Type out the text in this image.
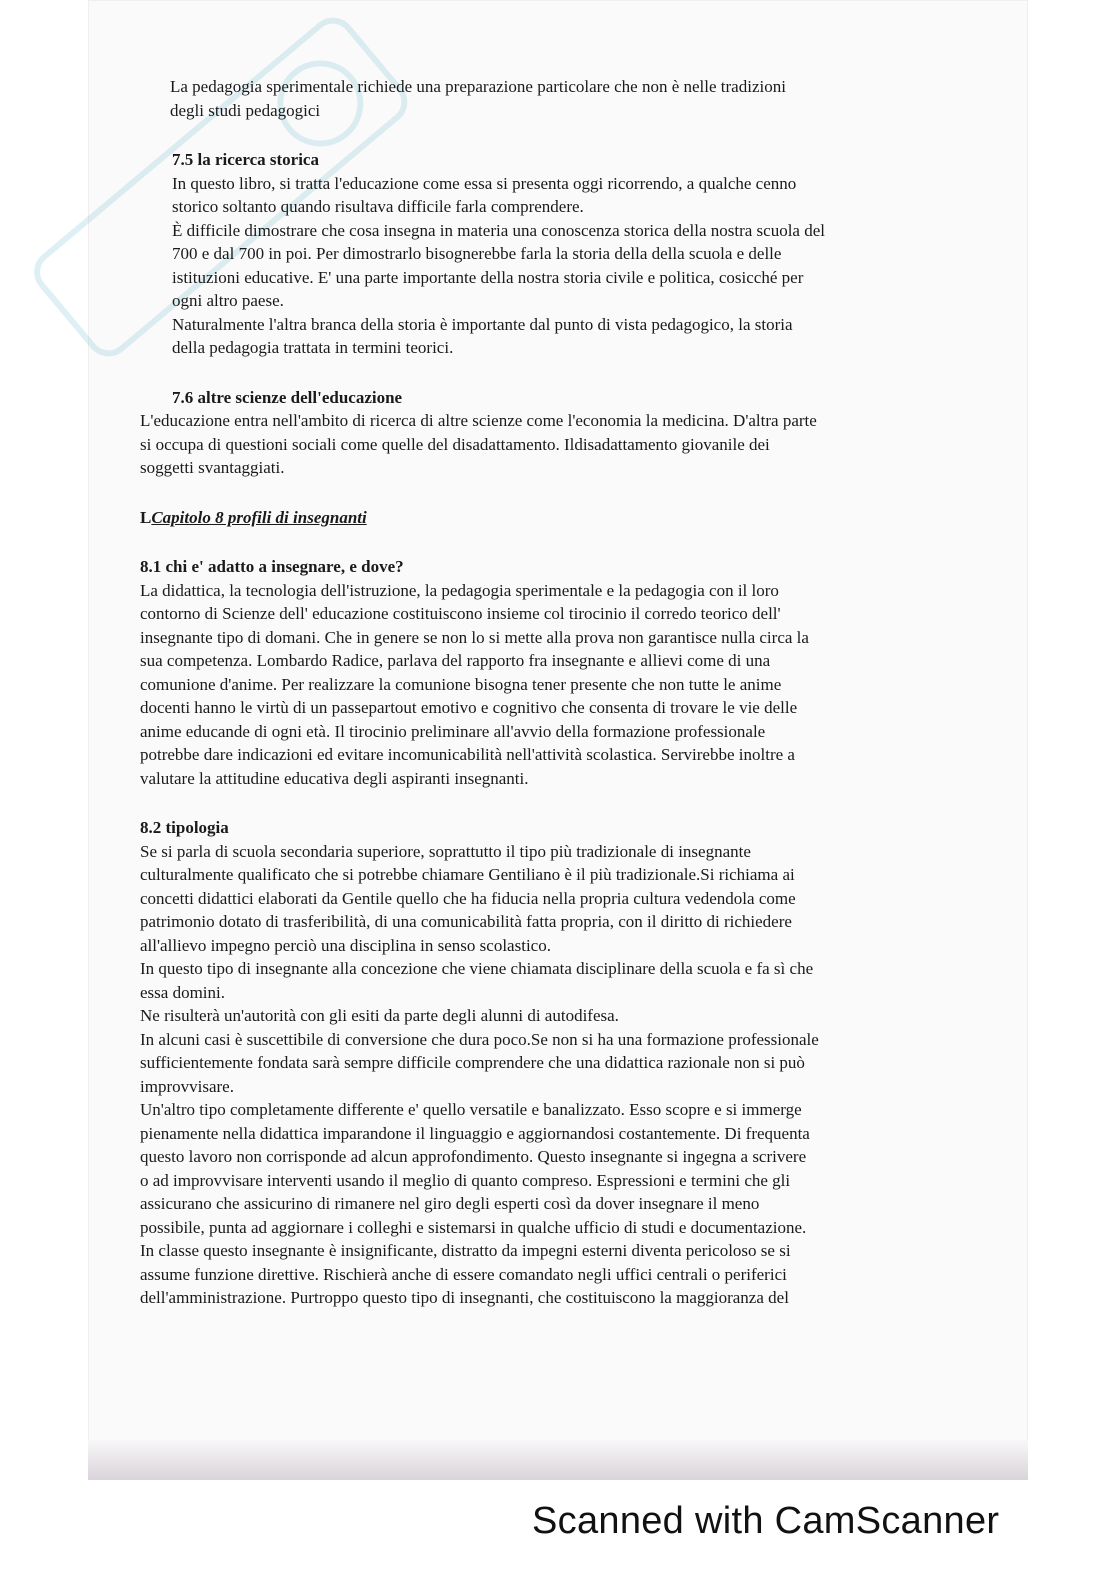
La pedagogia sperimentale richiede una preparazione particolare che non è nelle tradizioni

degli studi pedagogici

7.5 la ricerca storica

In questo libro, si tratta l'educazione come essa si presenta oggi ricorrendo, a qualche cenno

storico soltanto quando risultava difficile farla comprendere.

È difficile dimostrare che cosa insegna in materia una conoscenza storica della nostra scuola del

700 e dal 700 in poi. Per dimostrarlo bisognerebbe farla la storia della della scuola e delle

istituzioni educative. E' una parte importante della nostra storia civile e politica, cosicché per

ogni altro paese.

Naturalmente l'altra branca della storia è importante dal punto di vista pedagogico, la storia

della pedagogia trattata in termini teorici.

7.6 altre scienze dell'educazione

L'educazione entra nell'ambito di ricerca di altre scienze come l'economia la medicina. D'altra parte

si occupa di questioni sociali come quelle del disadattamento. Ildisadattamento giovanile dei

soggetti svantaggiati.

LCapitolo 8 profili di insegnanti

8.1 chi e' adatto a insegnare, e dove?

La didattica, la tecnologia dell'istruzione, la pedagogia sperimentale e la pedagogia con il loro

contorno di Scienze dell' educazione costituiscono insieme col tirocinio il corredo teorico dell'

insegnante tipo di domani. Che in genere se non lo si mette alla prova non garantisce nulla circa la

sua competenza. Lombardo Radice, parlava del rapporto fra insegnante e allievi come di una

comunione d'anime. Per realizzare la comunione bisogna tener presente che non tutte le anime

docenti hanno le virtù di un passepartout emotivo e cognitivo che consenta di trovare le vie delle

anime educande di ogni età. Il tirocinio preliminare all'avvio della formazione professionale

potrebbe dare indicazioni ed evitare incomunicabilità nell'attività scolastica. Servirebbe inoltre a

valutare la attitudine educativa degli aspiranti insegnanti.

8.2 tipologia

Se si parla di scuola secondaria superiore, soprattutto il tipo più tradizionale di insegnante

culturalmente qualificato che si potrebbe chiamare Gentiliano è il più tradizionale.Si richiama ai

concetti didattici elaborati da Gentile quello che ha fiducia nella propria cultura vedendola come

patrimonio dotato di trasferibilità, di una comunicabilità fatta propria, con il diritto di richiedere

all'allievo impegno perciò una disciplina in senso scolastico.

In questo tipo di insegnante alla concezione che viene chiamata disciplinare della scuola e fa sì che

essa domini.

Ne risulterà un'autorità con gli esiti da parte degli alunni di autodifesa.

In alcuni casi è suscettibile di conversione che dura poco.Se non si ha una formazione professionale

sufficientemente fondata sarà sempre difficile comprendere che una didattica razionale non si può

improvvisare.

Un'altro tipo completamente differente e' quello versatile e banalizzato. Esso scopre e si immerge

pienamente nella didattica imparandone il linguaggio e aggiornandosi costantemente. Di frequenta

questo lavoro non corrisponde ad alcun approfondimento. Questo insegnante si ingegna a scrivere

o ad improvvisare interventi usando il meglio di quanto compreso. Espressioni e termini che gli

assicurano che assicurino di rimanere nel giro degli esperti così da dover insegnare il meno

possibile, punta ad aggiornare i colleghi e sistemarsi in qualche ufficio di studi e documentazione.

In classe questo insegnante è insignificante, distratto da impegni esterni diventa pericoloso se si

assume funzione direttive. Rischierà anche di essere comandato negli uffici centrali o periferici

dell'amministrazione. Purtroppo questo tipo di insegnanti, che costituiscono la maggioranza del

Scanned with CamScanner
